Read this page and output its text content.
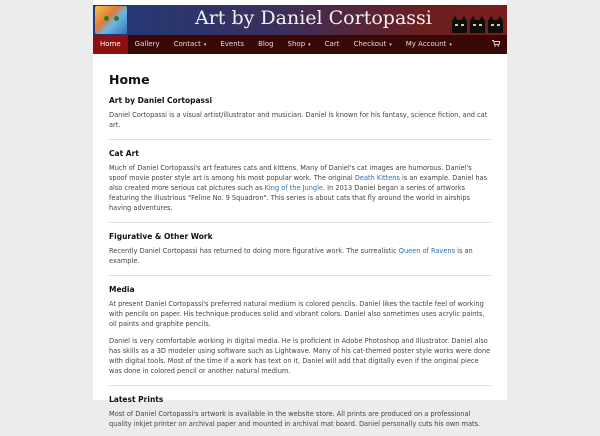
Art by Daniel Cortopassi
Home	Gallery	Contact ▾	Events	Blog	Shop ▾	Cart	Checkout ▾	My Account ▾
Home
Art by Daniel Cortopassi

Daniel Cortopassi is a visual artist/illustrator and musician. Daniel is known for his fantasy, science fiction, and cat art.

Cat Art

Much of Daniel Cortopassi's art features cats and kittens. Many of Daniel's cat images are humorous. Daniel's spoof movie poster style art is among his most popular work. The original Death Kittens is an example. Daniel has also created more serious cat pictures such as King of the Jungle. In 2013 Daniel began a series of artworks featuring the illustrious "Feline No. 9 Squadron". This series is about cats that fly around the world in airships having adventures.

Figurative & Other Work

Recently Daniel Cortopassi has returned to doing more figurative work. The surrealistic Queen of Ravens is an example.

Media

At present Daniel Cortopassi's preferred natural medium is colored pencils. Daniel likes the tactile feel of working with pencils on paper. His technique produces solid and vibrant colors. Daniel also sometimes uses acrylic paints, oil paints and graphite pencils.

Daniel is very comfortable working in digital media. He is proficient in Adobe Photoshop and Illustrator. Daniel also has skills as a 3D modeler using software such as Lightwave. Many of his cat-themed poster style works were done with digital tools. Most of the time if a work has text on it, Daniel will add that digitally even if the original piece was done in colored pencil or another natural medium.

Latest Prints

Most of Daniel Cortopassi's artwork is available in the website store. All prints are produced on a professional quality inkjet printer on archival paper and mounted in archival mat board. Daniel personally cuts his own mats.
